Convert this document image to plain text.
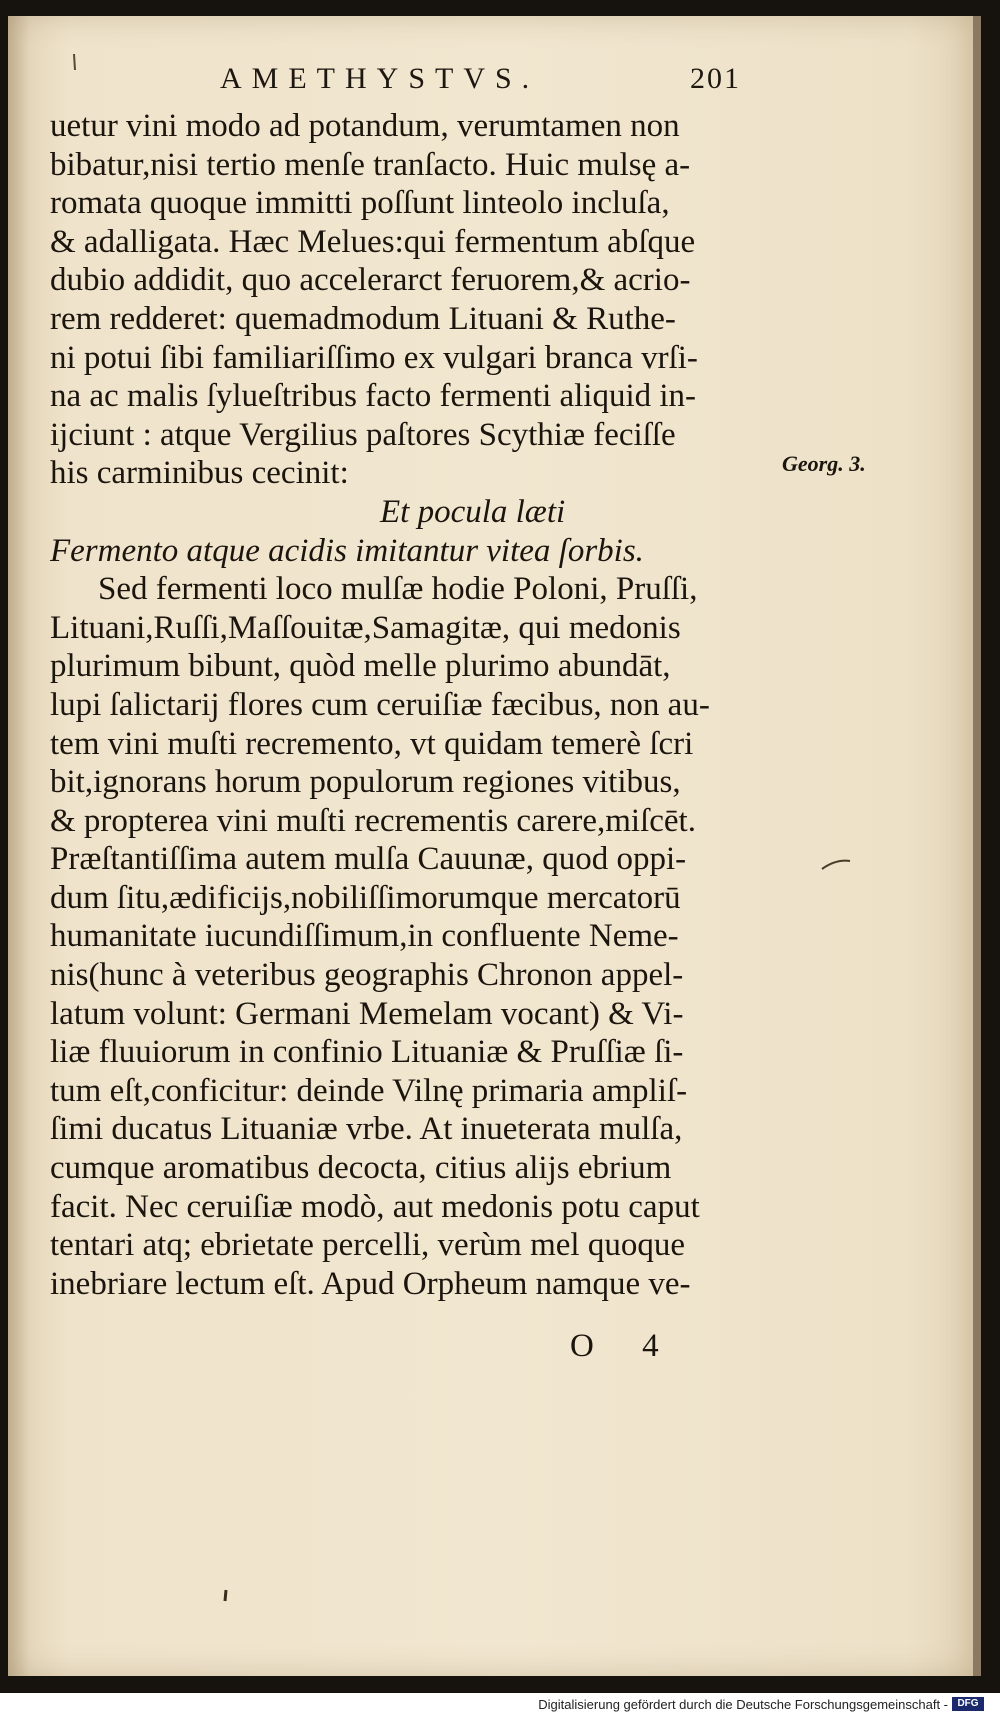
AMETHYSTVS.	201
uetur vini modo ad potandum, verumtamen non
bibatur,nisi tertio menſe tranſacto. Huic mulsę a-
romata quoque immitti poſſunt linteolo incluſa,
& adalligata. Hæc Melues:qui fermentum abſque
dubio addidit, quo accelerarct feruorem,& acrio-
rem redderet: quemadmodum Lituani & Ruthe-
ni potui ſibi familiariſſimo ex vulgari branca vrſi-
na ac malis ſylueſtribus facto fermenti aliquid in-
ijciunt : atque Vergilius paſtores Scythiæ feciſſe
his carminibus cecinit:
Et pocula læti
Fermento atque acidis imitantur vitea ſorbis.
Sed fermenti loco mulſæ hodie Poloni, Pruſſi,
Lituani,Ruſſi,Maſſouitæ,Samagitæ, qui medonis
plurimum bibunt, quòd melle plurimo abundāt,
lupi ſalictarij flores cum ceruiſiæ fæcibus, non au-
tem vini muſti recremento, vt quidam temerè ſcri
bit,ignorans horum populorum regiones vitibus,
& propterea vini muſti recrementis carere,miſcēt.
Præſtantiſſima autem mulſa Cauunæ, quod oppi-
dum ſitu,ædificijs,nobiliſſimorumque mercatorū
humanitate iucundiſſimum,in confluente Neme-
nis(hunc à veteribus geographis Chronon appel-
latum volunt: Germani Memelam vocant) & Vi-
liæ fluuiorum in confinio Lituaniæ & Pruſſiæ ſi-
tum eſt,conficitur: deinde Vilnę primaria ampliſ-
ſimi ducatus Lituaniæ vrbe. At inueterata mulſa,
cumque aromatibus decocta, citius alijs ebrium
facit. Nec ceruiſiæ modò, aut medonis potu caput
tentari atq; ebrietate percelli, verùm mel quoque
inebriare lectum eſt. Apud Orpheum namque ve-
Georg. 3.
O 4
Digitalisierung gefördert durch die Deutsche Forschungsgemeinschaft - DFG
